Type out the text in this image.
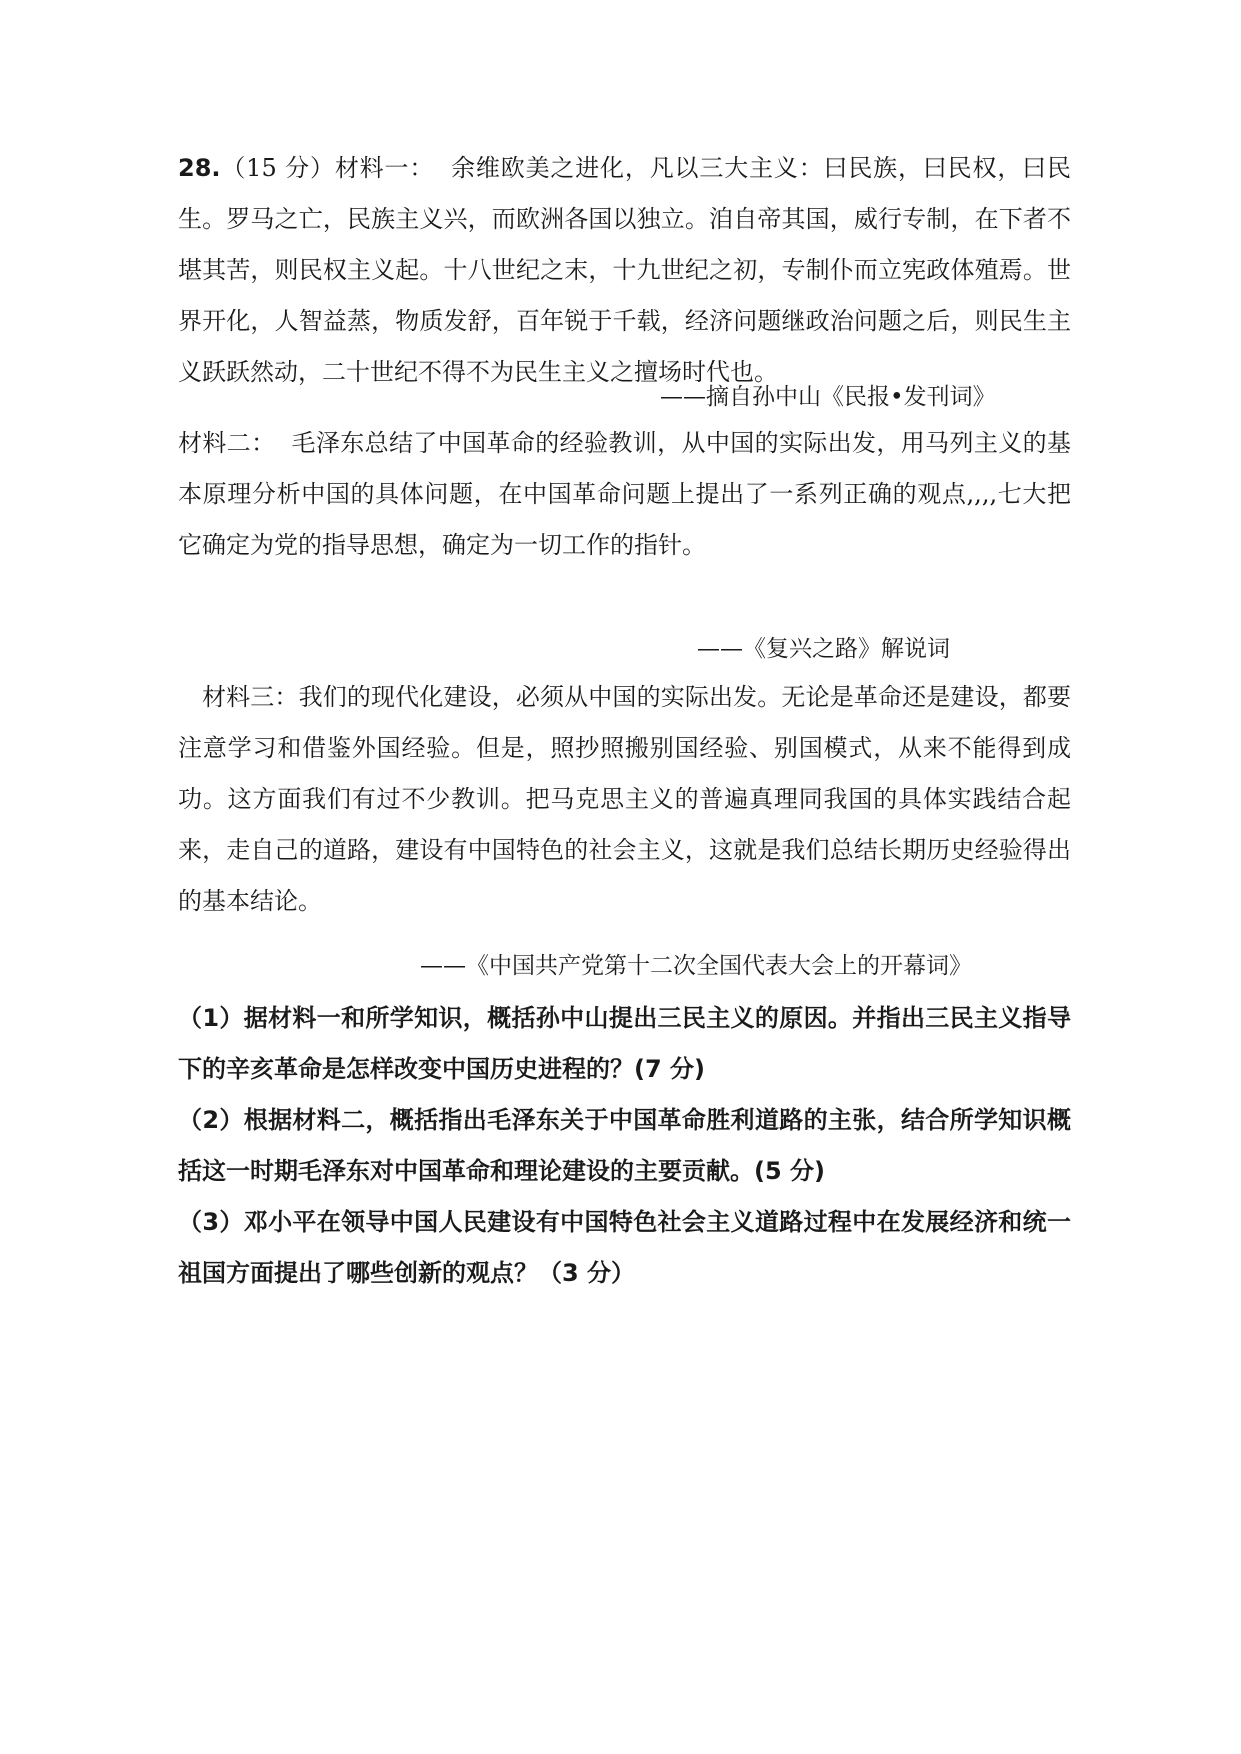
28.（15 分）材料一： 余维欧美之进化，凡以三大主义：曰民族，曰民权，曰民生。罗马之亡，民族主义兴，而欧洲各国以独立。洎自帝其国，威行专制，在下者不堪其苦，则民权主义起。十八世纪之末，十九世纪之初，专制仆而立宪政体殖焉。世界开化，人智益蒸，物质发舒，百年锐于千载，经济问题继政治问题之后，则民生主义跃跃然动，二十世纪不得不为民生主义之擅场时代也。

——摘自孙中山《民报•发刊词》

材料二： 毛泽东总结了中国革命的经验教训，从中国的实际出发，用马列主义的基本原理分析中国的具体问题，在中国革命问题上提出了一系列正确的观点,,,,七大把它确定为党的指导思想，确定为一切工作的指针。

——《复兴之路》解说词

材料三：我们的现代化建设，必须从中国的实际出发。无论是革命还是建设，都要注意学习和借鉴外国经验。但是，照抄照搬别国经验、别国模式，从来不能得到成功。这方面我们有过不少教训。把马克思主义的普遍真理同我国的具体实践结合起来，走自己的道路，建设有中国特色的社会主义，这就是我们总结长期历史经验得出的基本结论。

——《中国共产党第十二次全国代表大会上的开幕词》

（1）据材料一和所学知识，概括孙中山提出三民主义的原因。并指出三民主义指导下的辛亥革命是怎样改变中国历史进程的？(7 分)

（2）根据材料二，概括指出毛泽东关于中国革命胜利道路的主张，结合所学知识概括这一时期毛泽东对中国革命和理论建设的主要贡献。(5 分)

（3）邓小平在领导中国人民建设有中国特色社会主义道路过程中在发展经济和统一祖国方面提出了哪些创新的观点？（3 分）
